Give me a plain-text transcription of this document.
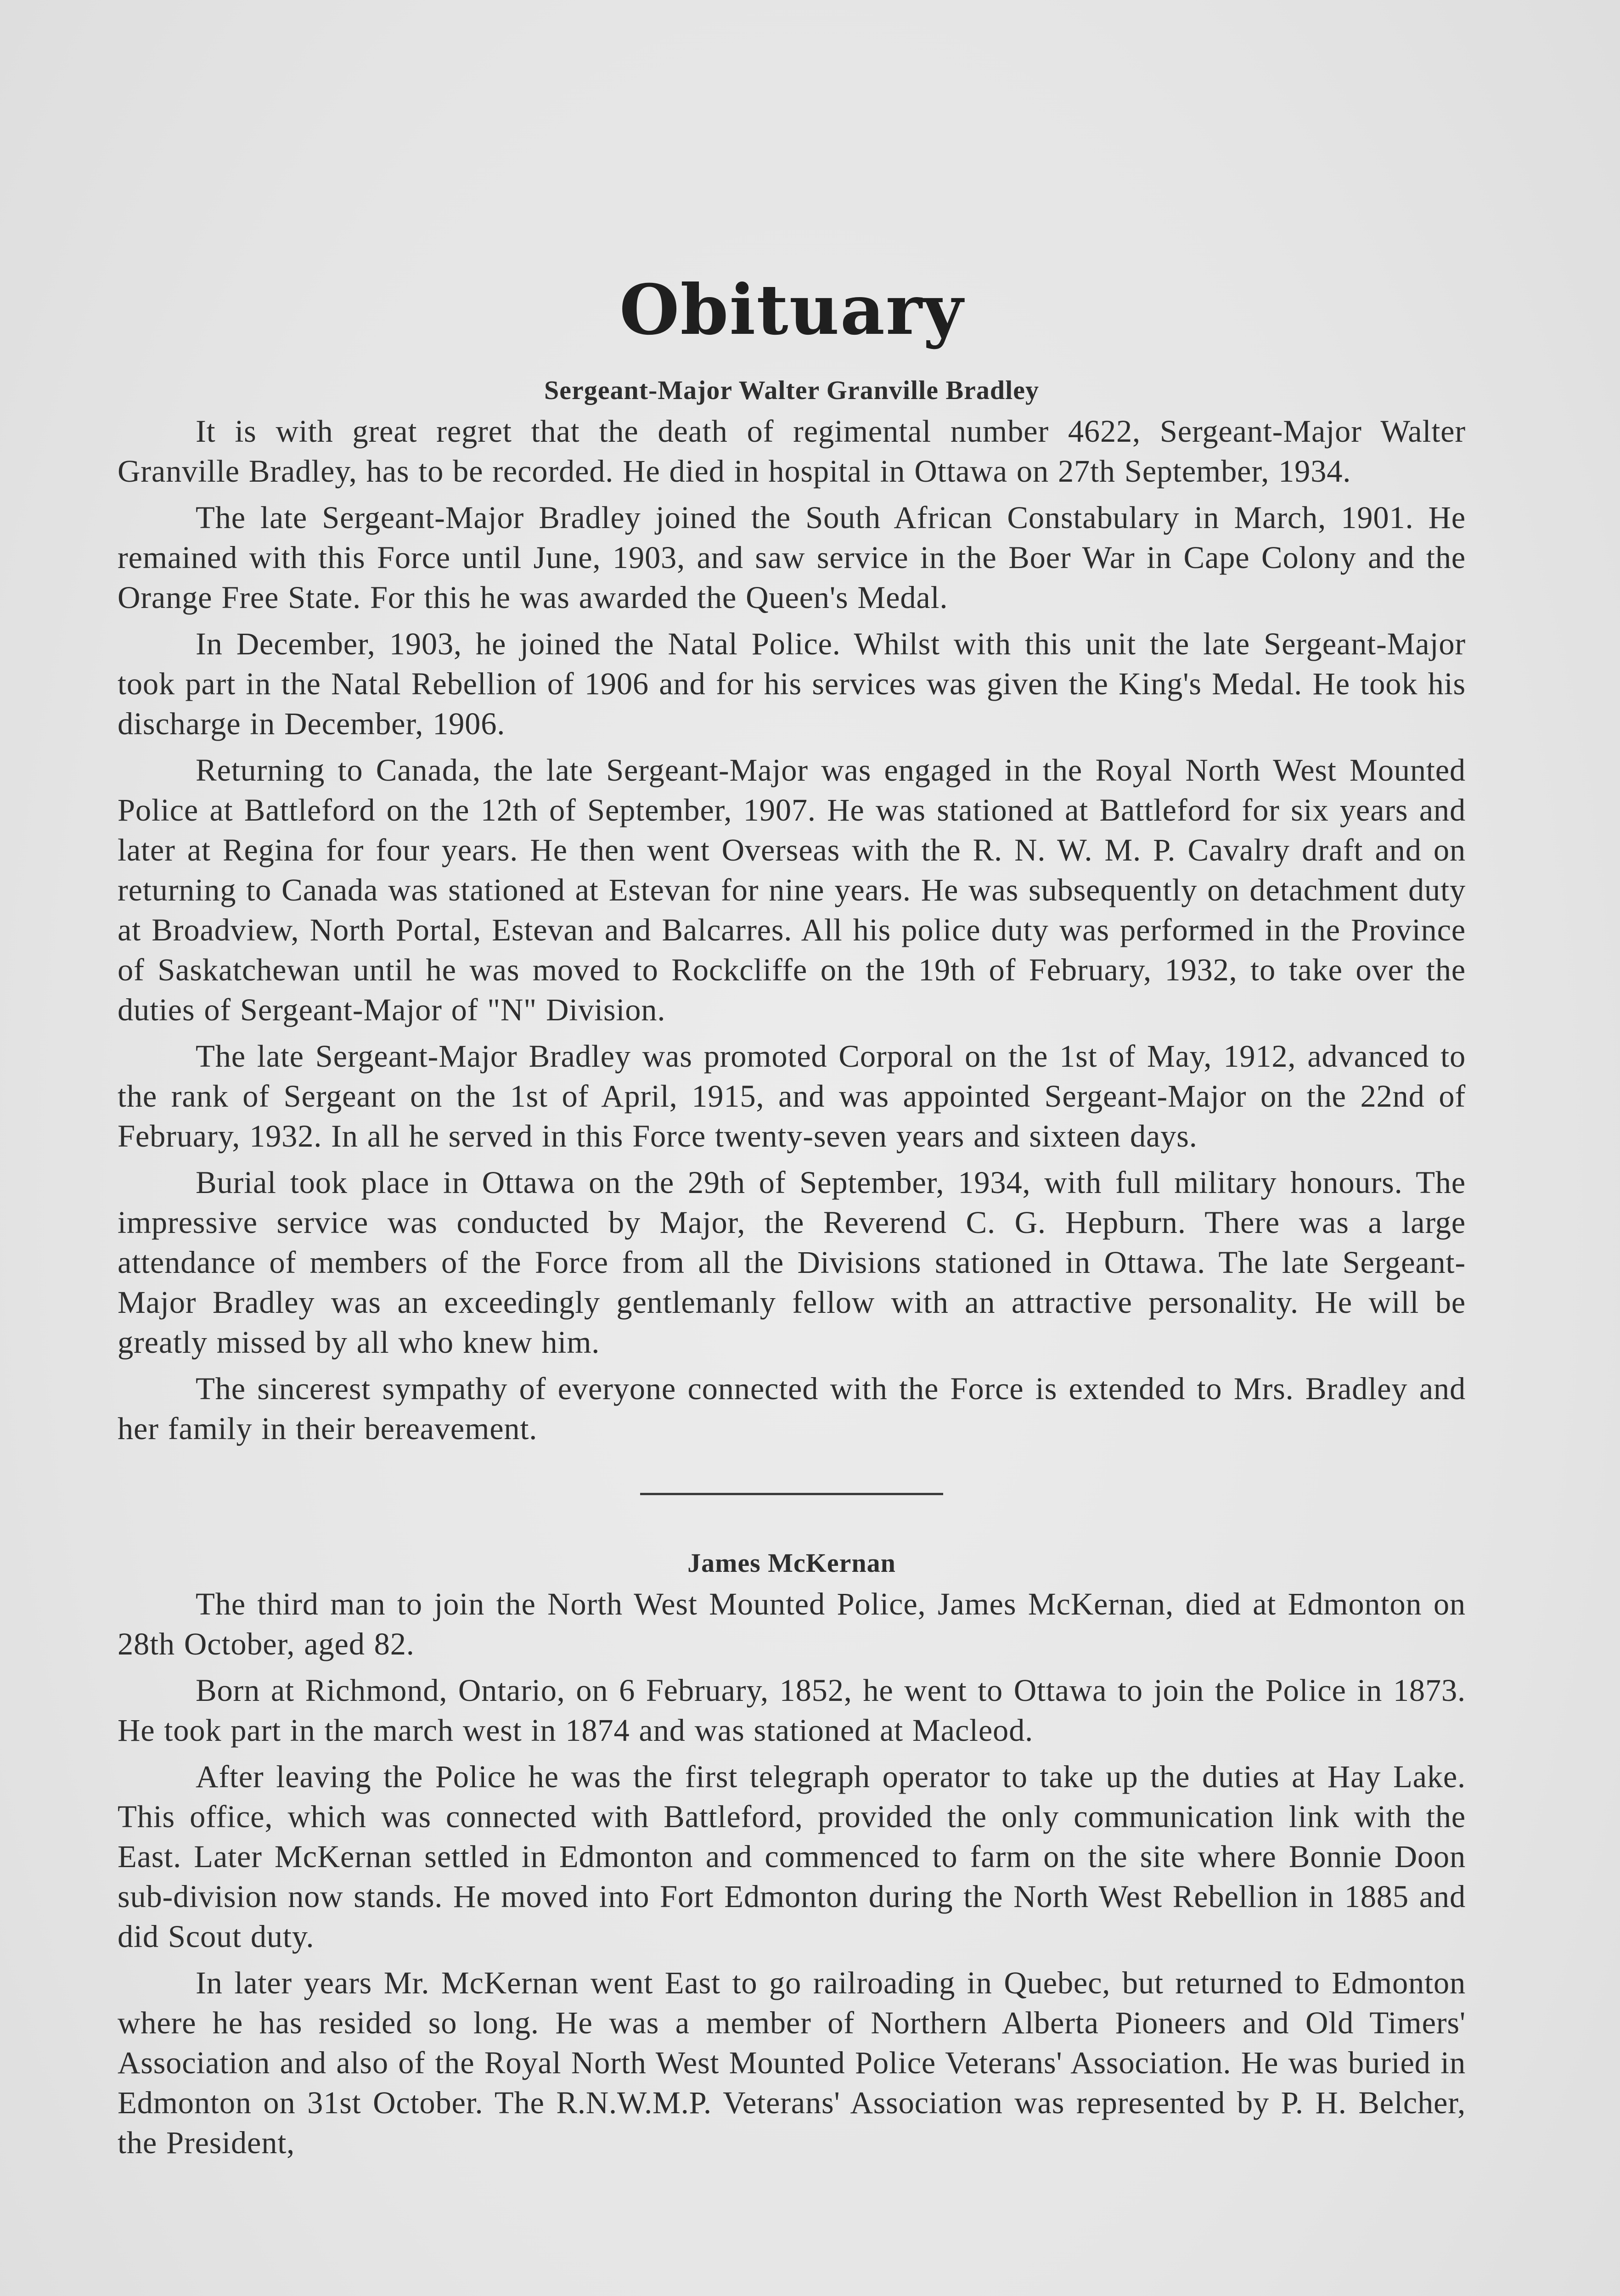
Obituary
Sergeant-Major Walter Granville Bradley

It is with great regret that the death of regimental number 4622, Sergeant-Major Walter Granville Bradley, has to be recorded. He died in hospital in Ottawa on 27th September, 1934.

The late Sergeant-Major Bradley joined the South African Constabulary in March, 1901. He remained with this Force until June, 1903, and saw service in the Boer War in Cape Colony and the Orange Free State. For this he was awarded the Queen's Medal.

In December, 1903, he joined the Natal Police. Whilst with this unit the late Sergeant-Major took part in the Natal Rebellion of 1906 and for his services was given the King's Medal. He took his discharge in December, 1906.

Returning to Canada, the late Sergeant-Major was engaged in the Royal North West Mounted Police at Battleford on the 12th of September, 1907. He was stationed at Battleford for six years and later at Regina for four years. He then went Overseas with the R. N. W. M. P. Cavalry draft and on returning to Canada was stationed at Estevan for nine years. He was subsequently on detachment duty at Broadview, North Portal, Estevan and Balcarres. All his police duty was performed in the Province of Saskatchewan until he was moved to Rockcliffe on the 19th of February, 1932, to take over the duties of Sergeant-Major of "N" Division.

The late Sergeant-Major Bradley was promoted Corporal on the 1st of May, 1912, advanced to the rank of Sergeant on the 1st of April, 1915, and was appointed Sergeant-Major on the 22nd of February, 1932. In all he served in this Force twenty-seven years and sixteen days.

Burial took place in Ottawa on the 29th of September, 1934, with full military honours. The impressive service was conducted by Major, the Reverend C. G. Hepburn. There was a large attendance of members of the Force from all the Divisions stationed in Ottawa. The late Sergeant-Major Bradley was an exceedingly gentlemanly fellow with an attractive personality. He will be greatly missed by all who knew him.

The sincerest sympathy of everyone connected with the Force is extended to Mrs. Bradley and her family in their bereavement.

James McKernan

The third man to join the North West Mounted Police, James McKernan, died at Edmonton on 28th October, aged 82.

Born at Richmond, Ontario, on 6 February, 1852, he went to Ottawa to join the Police in 1873. He took part in the march west in 1874 and was stationed at Macleod.

After leaving the Police he was the first telegraph operator to take up the duties at Hay Lake. This office, which was connected with Battleford, provided the only communication link with the East. Later McKernan settled in Edmonton and commenced to farm on the site where Bonnie Doon sub-division now stands. He moved into Fort Edmonton during the North West Rebellion in 1885 and did Scout duty.

In later years Mr. McKernan went East to go railroading in Quebec, but returned to Edmonton where he has resided so long. He was a member of Northern Alberta Pioneers and Old Timers' Association and also of the Royal North West Mounted Police Veterans' Association. He was buried in Edmonton on 31st October. The R.N.W.M.P. Veterans' Association was represented by P. H. Belcher, the President,
